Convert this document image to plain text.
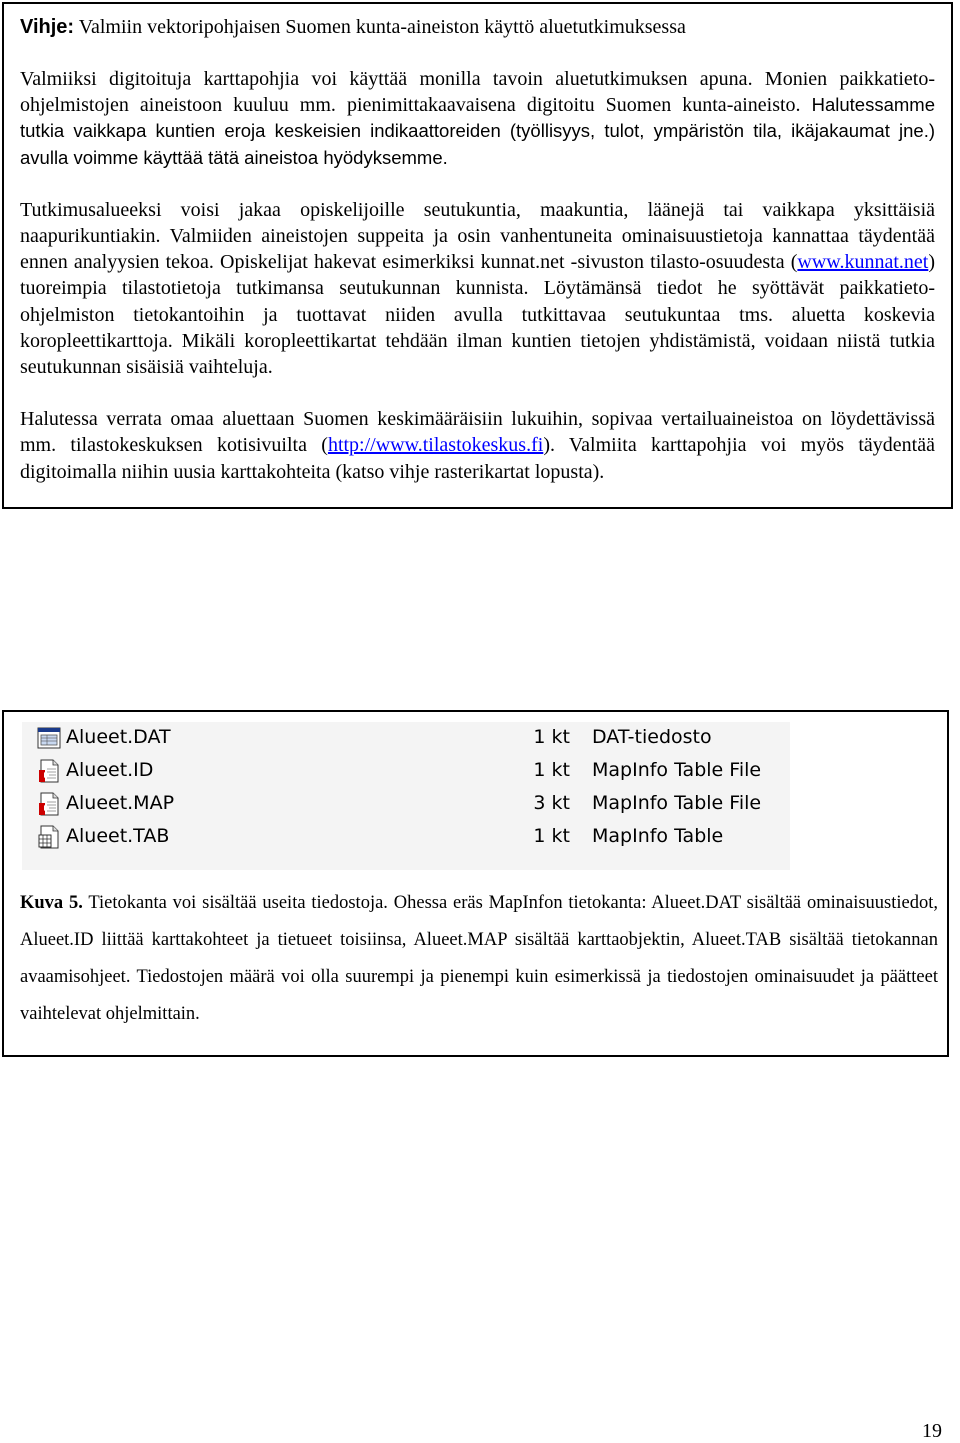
Vihje: Valmiin vektoripohjaisen Suomen kunta-aineiston käyttö aluetutkimuksessa

Valmiiksi digitoituja karttapohjia voi käyttää monilla tavoin aluetutkimuksen apuna. Monien paikkatieto-ohjelmistojen aineistoon kuuluu mm. pienimittakaavaisena digitoitu Suomen kunta-aineisto. Halutessamme tutkia vaikkapa kuntien eroja keskeisien indikaattoreiden (työllisyys, tulot, ympäristön tila, ikäjakaumat jne.) avulla voimme käyttää tätä aineistoa hyödyksemme.

Tutkimusalueeksi voisi jakaa opiskelijoille seutukuntia, maakuntia, läänejä tai vaikkapa yksittäisiä naapurikuntiakin. Valmiiden aineistojen suppeita ja osin vanhentuneita ominaisuustietoja kannattaa täydentää ennen analyysien tekoa. Opiskelijat hakevat esimerkiksi kunnat.net -sivuston tilasto-osuudesta (www.kunnat.net) tuoreimpia tilastotietoja tutkimansa seutukunnan kunnista. Löytämänsä tiedot he syöttävät paikkatieto-ohjelmiston tietokantoihin ja tuottavat niiden avulla tutkittavaa seutukuntaa tms. aluetta koskevia koropleettikarttoja. Mikäli koropleettikartat tehdään ilman kuntien tietojen yhdistämistä, voidaan niistä tutkia seutukunnan sisäisiä vaihteluja.

Halutessa verrata omaa aluettaan Suomen keskimääräisiin lukuihin, sopivaa vertailuaineistoa on löydettävissä mm. tilastokeskuksen kotisivuilta (http://www.tilastokeskus.fi). Valmiita karttapohjia voi myös täydentää digitoimalla niihin uusia karttakohteita (katso vihje rasterikartat lopusta).

Alueet.DAT	1 kt DAT-tiedosto
Alueet.ID	1 kt MapInfo Table File
Alueet.MAP	3 kt MapInfo Table File
Alueet.TAB	1 kt MapInfo Table
Kuva 5. Tietokanta voi sisältää useita tiedostoja. Ohessa eräs MapInfon tietokanta: Alueet.DAT sisältää ominaisuustiedot, Alueet.ID liittää karttakohteet ja tietueet toisiinsa, Alueet.MAP sisältää karttaobjektin, Alueet.TAB sisältää tietokannan avaamisohjeet. Tiedostojen määrä voi olla suurempi ja pienempi kuin esimerkissä ja tiedostojen ominaisuudet ja päätteet vaihtelevat ohjelmittain.
19
